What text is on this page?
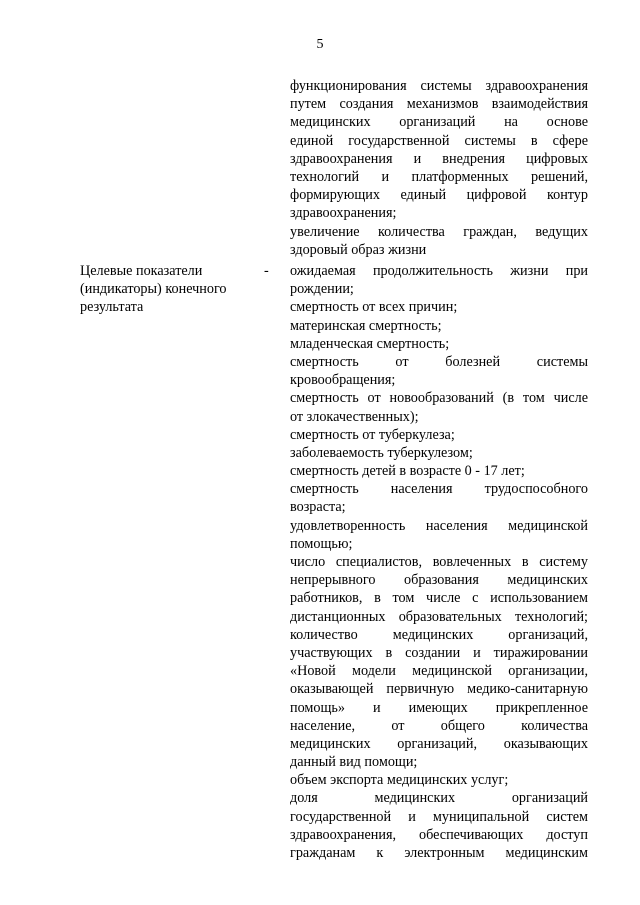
5
функционирования системы здравоохранения
путем создания механизмов взаимодействия
медицинских организаций на основе
единой государственной системы в сфере
здравоохранения и внедрения цифровых
технологий и платформенных решений,
формирующих единый цифровой контур
здравоохранения;
увеличение количества граждан, ведущих
здоровый образ жизни
Целевые показатели
(индикаторы) конечного
результата
- ожидаемая продолжительность жизни при
рождении;
смертность от всех причин;
материнская смертность;
младенческая смертность;
смертность от болезней системы
кровообращения;
смертность от новообразований (в том числе
от злокачественных);
смертность от туберкулеза;
заболеваемость туберкулезом;
смертность детей в возрасте 0 - 17 лет;
смертность населения трудоспособного
возраста;
удовлетворенность населения медицинской
помощью;
число специалистов, вовлеченных в систему
непрерывного образования медицинских
работников, в том числе с использованием
дистанционных образовательных технологий;
количество медицинских организаций,
участвующих в создании и тиражировании
«Новой модели медицинской организации,
оказывающей первичную медико-санитарную
помощь» и имеющих прикрепленное
население, от общего количества
медицинских организаций, оказывающих
данный вид помощи;
объем экспорта медицинских услуг;
доля медицинских организаций
государственной и муниципальной систем
здравоохранения, обеспечивающих доступ
гражданам к электронным медицинским
